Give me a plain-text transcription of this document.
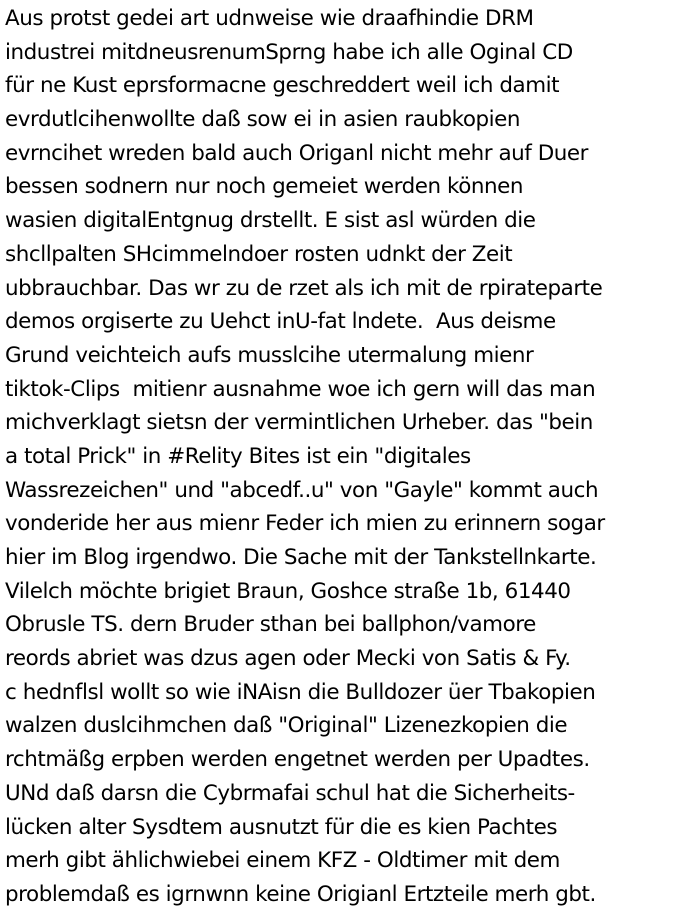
Aus protst gedei art udnweise wie draafhindie DRM
industrei mitdneusrenumSprng habe ich alle Oginal CD
für ne Kust eprsformacne geschreddert weil ich damit
evrdutlcihenwollte daß sow ei in asien raubkopien
evrncihet wreden bald auch Origanl nicht mehr auf Duer
bessen sodnern nur noch gemeiet werden können
wasien digitalEntgnug drstellt. E sist asl würden die
shcllpalten SHcimmelndoer rosten udnkt der Zeit
ubbrauchbar. Das wr zu de rzet als ich mit de rpirateparte
demos orgiserte zu Uehct inU-fat lndete.  Aus deisme
Grund veichteich aufs musslcihe utermalung mienr
tiktok-Clips  mitienr ausnahme woe ich gern will das man
michverklagt sietsn der vermintlichen Urheber. das "bein
a total Prick" in #Relity Bites ist ein "digitales
Wassrezeichen" und "abcedf..u" von "Gayle" kommt auch
vonderide her aus mienr Feder ich mien zu erinnern sogar
hier im Blog irgendwo. Die Sache mit der Tankstellnkarte.
Vilelch möchte brigiet Braun, Goshce straße 1b, 61440
Obrusle TS. dern Bruder sthan bei ballphon/vamore
reords abriet was dzus agen oder Mecki von Satis & Fy.
c hednflsl wollt so wie iNAisn die Bulldozer üer Tbakopien
walzen duslcihmchen daß "Original" Lizenezkopien die
rchtmäßg erpben werden engetnet werden per Upadtes.
UNd daß darsn die Cybrmafai schul hat die Sicherheits-
lücken alter Sysdtem ausnutzt für die es kien Pachtes
merh gibt ählichwiebei einem KFZ - Oldtimer mit dem
problemdaß es igrnwnn keine Origianl Ertzteile merh gbt.
